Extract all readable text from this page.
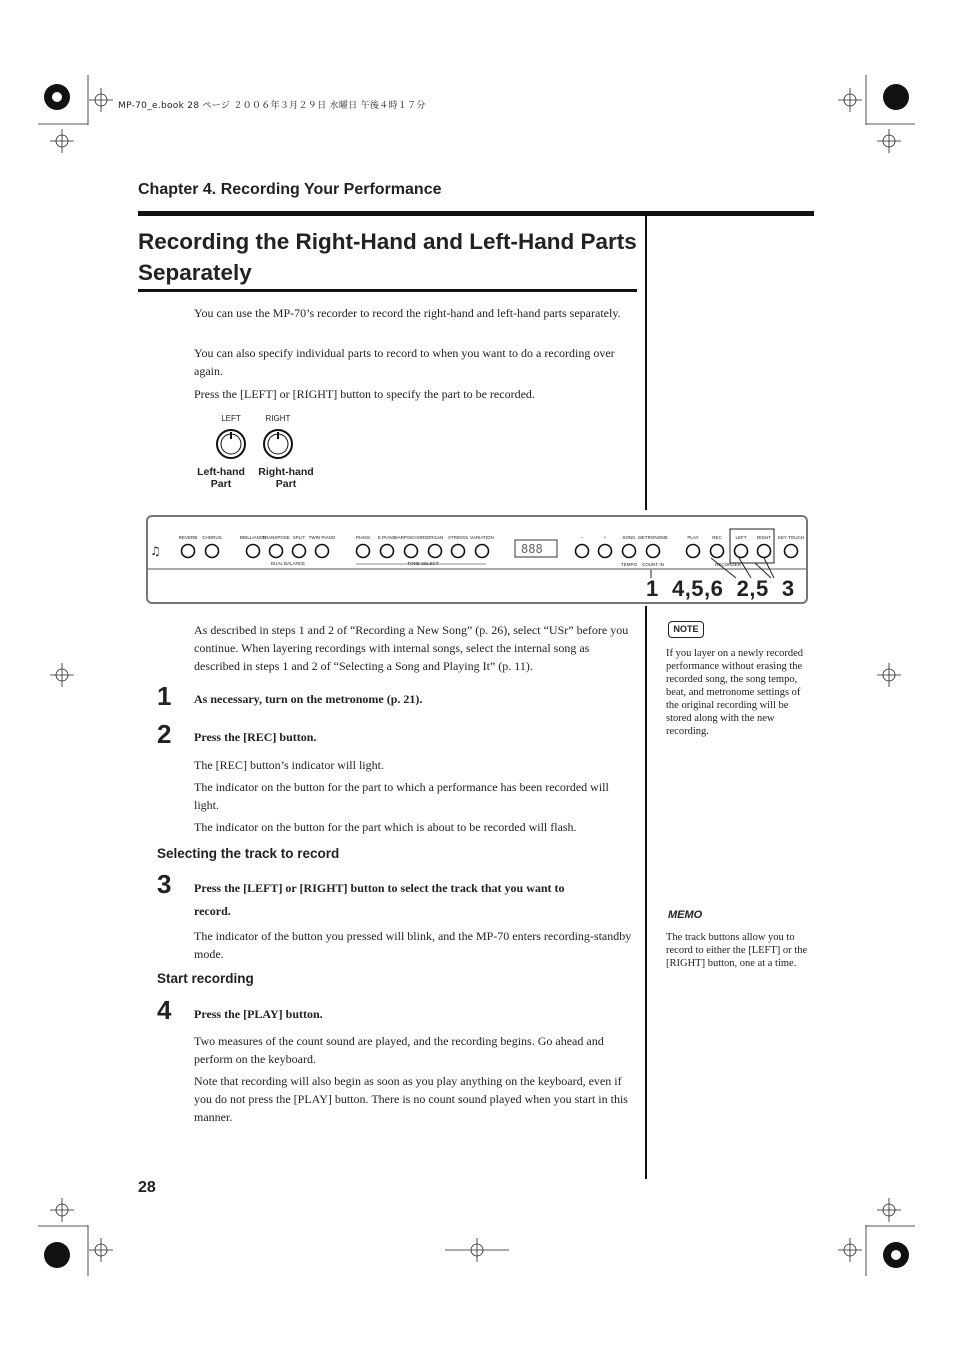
MP-70_e.book 28 ページ ２００６年３月２９日 水曜日 午後４時１７分
Chapter 4. Recording Your Performance
Recording the Right-Hand and Left-Hand Parts Separately
You can use the MP-70’s recorder to record the right-hand and left-hand parts separately.
You can also specify individual parts to record to when you want to do a recording over again.
Press the [LEFT] or [RIGHT] button to specify the part to be recorded.
LEFT	RIGHT
Left-hand
Part
Right-hand
Part
♫
REVERB CHORUS	BRILLIANCE
TRANSPOSE SPLIT TWIN PIANO	PIANO E.PIANO
HARPSICHORD ORGAN STRINGS VARIATION	–	+	SONG METRONOME	PLAY	REC	LEFT RIGHT KEY TOUCH
DUAL BALANCE	TONE SELECT	TEMPO COUNT IN	RECORDER
888
1  4,5,6  2,5  3
As described in steps 1 and 2 of “Recording a New Song” (p. 26), select “USr” before you continue. When layering recordings with internal songs, select the internal song as described in steps 1 and 2 of “Selecting a Song and Playing It” (p. 11).
1 As necessary, turn on the metronome (p. 21).
2 Press the [REC] button.
The [REC] button’s indicator will light.
The indicator on the button for the part to which a performance has been recorded will light.
The indicator on the button for the part which is about to be recorded will flash.
Selecting the track to record
3 Press the [LEFT] or [RIGHT] button to select the track that you want to
record.
The indicator of the button you pressed will blink, and the MP-70 enters recording-standby mode.
Start recording
4 Press the [PLAY] button.
Two measures of the count sound are played, and the recording begins. Go ahead and perform on the keyboard.
Note that recording will also begin as soon as you play anything on the keyboard, even if you do not press the [PLAY] button. There is no count sound played when you start in this manner.
NOTE
If you layer on a newly recorded performance without erasing the recorded song, the song tempo, beat, and metronome settings of the original recording will be stored along with the new recording.
MEMO
The track buttons allow you to record to either the [LEFT] or the [RIGHT] button, one at a time.
28
